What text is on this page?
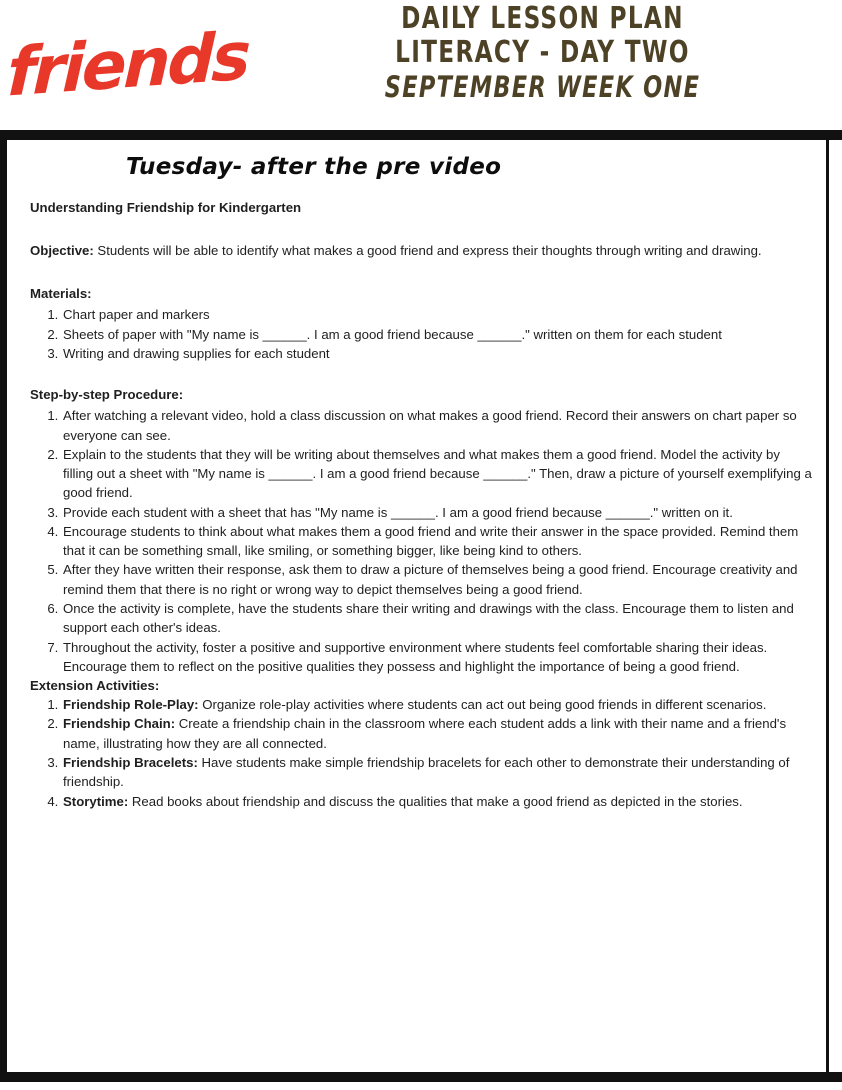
friends	DAILY LESSON PLAN
LITERACY - DAY TWO
SEPTEMBER WEEK ONE
Tuesday- after the pre video

Understanding Friendship for Kindergarten

Objective: Students will be able to identify what makes a good friend and express their thoughts through writing and drawing.

Materials:
1. Chart paper and markers
2. Sheets of paper with "My name is ______. I am a good friend because ______." written on them for each student
3. Writing and drawing supplies for each student
Step-by-step Procedure:
1. After watching a relevant video, hold a class discussion on what makes a good friend. Record their answers on chart paper so everyone can see.
2. Explain to the students that they will be writing about themselves and what makes them a good friend. Model the activity by filling out a sheet with "My name is ______. I am a good friend because ______." Then, draw a picture of yourself exemplifying a good friend.
3. Provide each student with a sheet that has "My name is ______. I am a good friend because ______." written on it.
4. Encourage students to think about what makes them a good friend and write their answer in the space provided. Remind them that it can be something small, like smiling, or something bigger, like being kind to others.
5. After they have written their response, ask them to draw a picture of themselves being a good friend. Encourage creativity and remind them that there is no right or wrong way to depict themselves being a good friend.
6. Once the activity is complete, have the students share their writing and drawings with the class. Encourage them to listen and support each other's ideas.
7. Throughout the activity, foster a positive and supportive environment where students feel comfortable sharing their ideas. Encourage them to reflect on the positive qualities they possess and highlight the importance of being a good friend.
Extension Activities:
1. Friendship Role-Play: Organize role-play activities where students can act out being good friends in different scenarios.
2. Friendship Chain: Create a friendship chain in the classroom where each student adds a link with their name and a friend's name, illustrating how they are all connected.
3. Friendship Bracelets: Have students make simple friendship bracelets for each other to demonstrate their understanding of friendship.
4. Storytime: Read books about friendship and discuss the qualities that make a good friend as depicted in the stories.
